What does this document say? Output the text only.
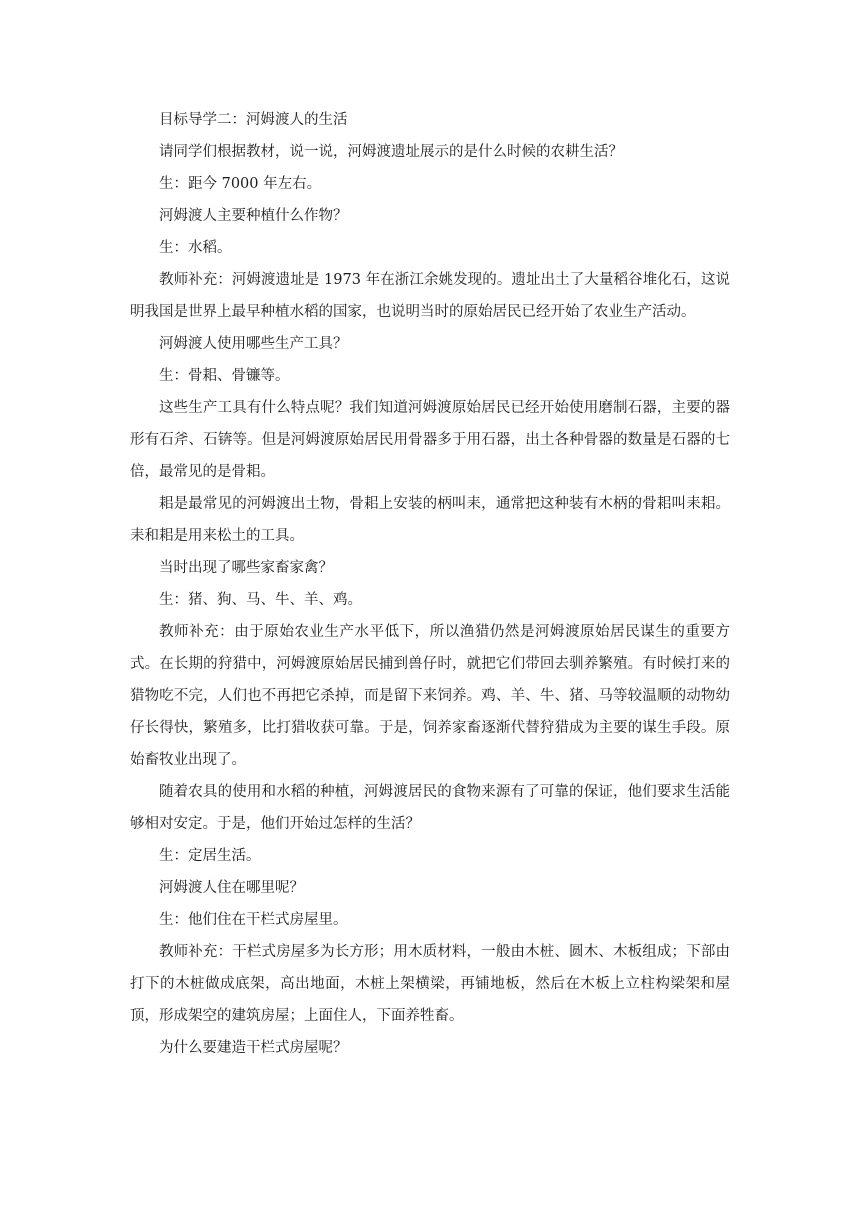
目标导学二：河姆渡人的生活

请同学们根据教材，说一说，河姆渡遗址展示的是什么时候的农耕生活？

生：距今 7000 年左右。

河姆渡人主要种植什么作物？

生：水稻。

教师补充：河姆渡遗址是 1973 年在浙江余姚发现的。遗址出土了大量稻谷堆化石，这说明我国是世界上最早种植水稻的国家，也说明当时的原始居民已经开始了农业生产活动。

河姆渡人使用哪些生产工具？

生：骨耜、骨镰等。

这些生产工具有什么特点呢？我们知道河姆渡原始居民已经开始使用磨制石器，主要的器形有石斧、石锛等。但是河姆渡原始居民用骨器多于用石器，出土各种骨器的数量是石器的七倍，最常见的是骨耜。

耜是最常见的河姆渡出土物，骨耜上安装的柄叫耒，通常把这种装有木柄的骨耜叫耒耜。耒和耜是用来松土的工具。

当时出现了哪些家畜家禽？

生：猪、狗、马、牛、羊、鸡。

教师补充：由于原始农业生产水平低下，所以渔猎仍然是河姆渡原始居民谋生的重要方式。在长期的狩猎中，河姆渡原始居民捕到兽仔时，就把它们带回去驯养繁殖。有时候打来的猎物吃不完，人们也不再把它杀掉，而是留下来饲养。鸡、羊、牛、猪、马等较温顺的动物幼仔长得快，繁殖多，比打猎收获可靠。于是，饲养家畜逐渐代替狩猎成为主要的谋生手段。原始畜牧业出现了。

随着农具的使用和水稻的种植，河姆渡居民的食物来源有了可靠的保证，他们要求生活能够相对安定。于是，他们开始过怎样的生活？

生：定居生活。

河姆渡人住在哪里呢？

生：他们住在干栏式房屋里。

教师补充：干栏式房屋多为长方形；用木质材料，一般由木桩、圆木、木板组成；下部由打下的木桩做成底架，高出地面，木桩上架横梁，再铺地板，然后在木板上立柱构梁架和屋顶，形成架空的建筑房屋；上面住人，下面养牲畜。

为什么要建造干栏式房屋呢？
